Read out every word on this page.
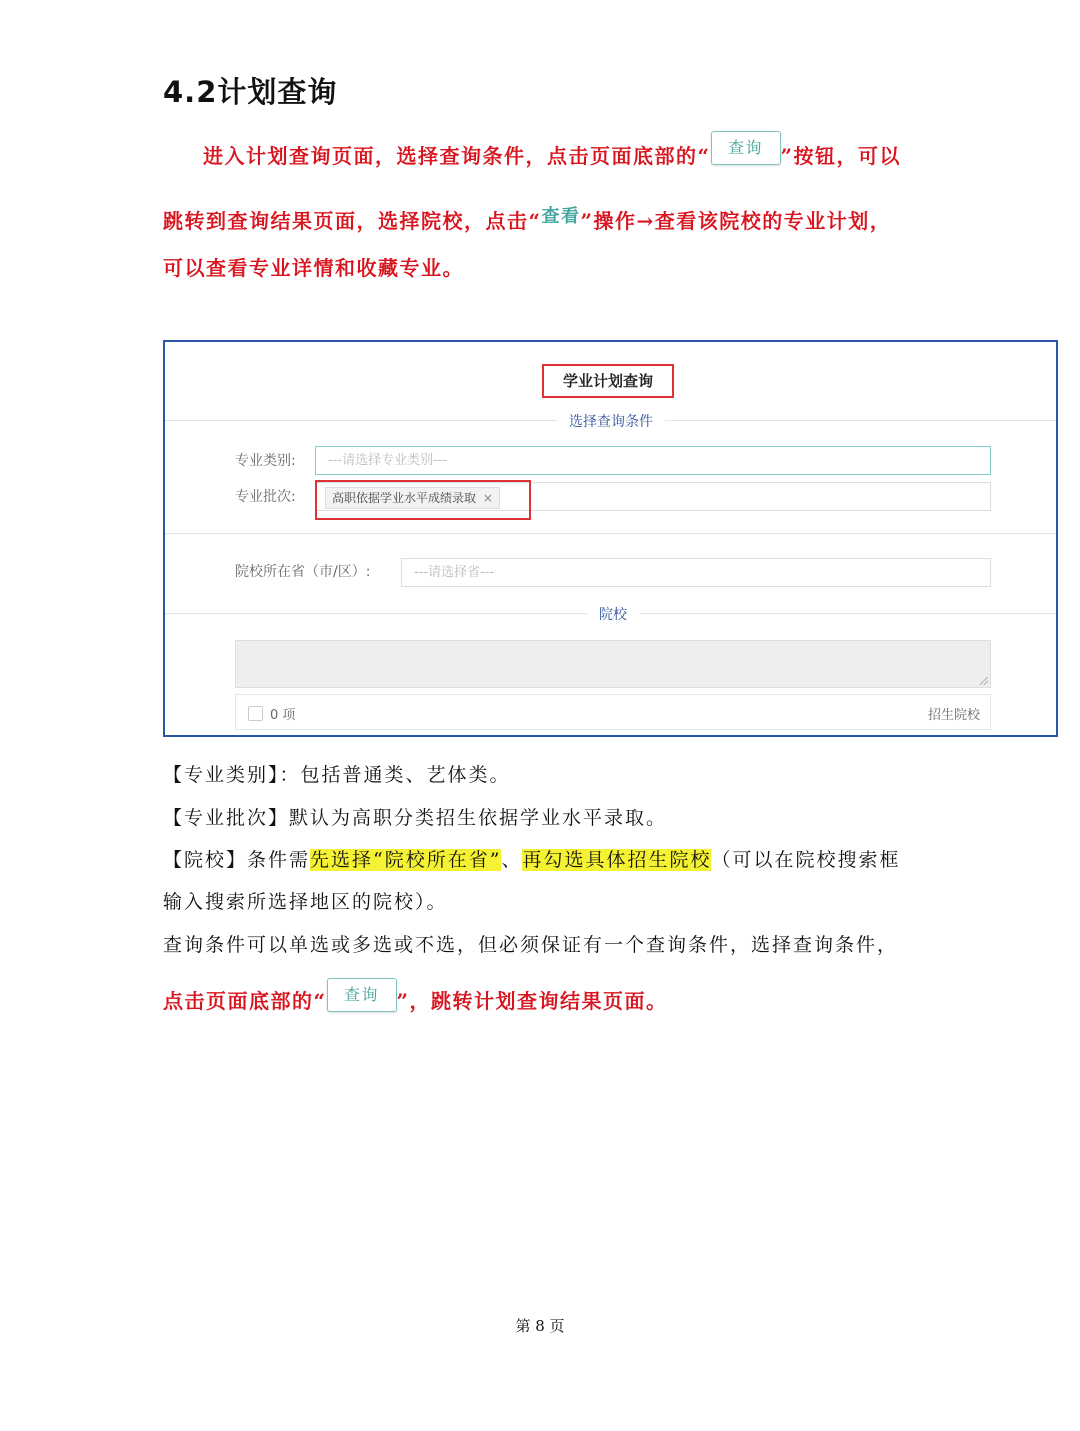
4.2计划查询
进入计划查询页面，选择查询条件，点击页面底部的“ 查询 ”按钮，可以
跳转到查询结果页面，选择院校，点击“查看”操作→查看该院校的专业计划，
可以查看专业详情和收藏专业。
学业计划查询
选择查询条件
专业类别:	---请选择专业类别---
专业批次:	高职依据学业水平成绩录取 ×
院校所在省（市/区）:	---请选择省---
院校
0 项	招生院校
【专业类别】：包括普通类、艺体类。
【专业批次】默认为高职分类招生依据学业水平录取。
【院校】条件需先选择“院校所在省”、再勾选具体招生院校（可以在院校搜索框
输入搜索所选择地区的院校）。
查询条件可以单选或多选或不选，但必须保证有一个查询条件，选择查询条件，
点击页面底部的“ 查询 ”，跳转计划查询结果页面。
第 8 页
